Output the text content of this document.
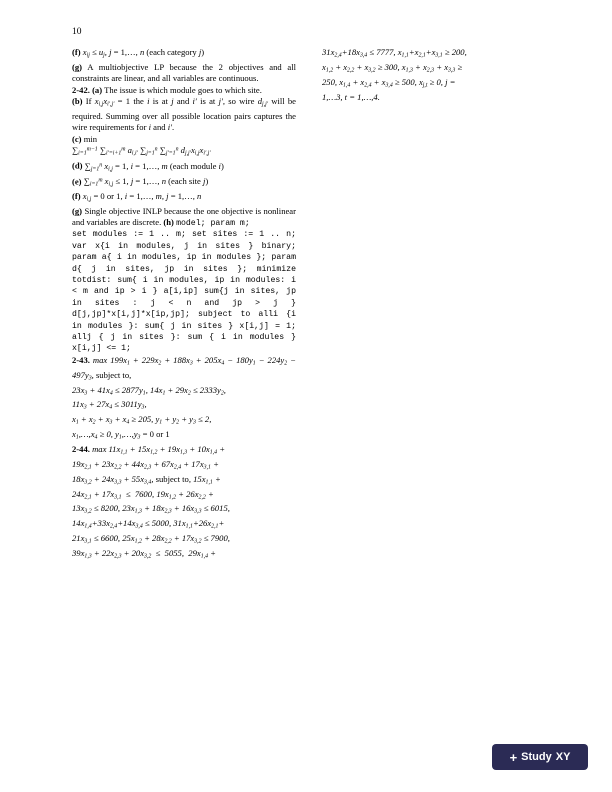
10

(f) $x_{ij} \le u_j$, j = 1,…, n (each category j)

(g) A multiobjective LP because the 2 objectives and all constraints are linear, and all variables are continuous.

2-42. (a) The issue is which module goes to which site.

(b) If $x_{i,j}x_{i',j'} = 1$ the i is at j and i′ is at j′, so wire $d_{j,j'}$ will be required. Summing over all possible location pairs captures the wire requirements for i and i′.

(c) min

$\sum_{i=1}^{m-1}$ $\sum_{i'=i+1}^m$ $a_{i,i'}$ $\sum_{j=1}^n$ $\sum_{j'=1}^n$ $d_{j,j'}x_{i,j}x_{i',j'}$

(d) $\sum_{j=1}^n$ $x_{i,j} = 1$, i = 1,…, m (each module i)

(e) $\sum_{i=1}^m$ $x_{i,j} \le 1$, j = 1,…, n (each site j)

(f) $x_{i,j} = 0$ or 1, i = 1,…, m, j = 1,…, n

(g) Single objective INLP because the one objective is nonlinear and variables are discrete. (h) model; param m;

set modules := 1 .. m; set sites := 1 .. n; var x{i in modules, j in sites } binary; param a{ i in modules, ip in modules }; param d{ j in sites, jp in sites }; minimize totdist: sum{ i in modules, ip in modules: i < m and ip > i } a[i,ip] sum{j in sites, jp in sites : j < n and jp > j } d[j,jp]*x[i,j]*x[ip,jp]; subject to alli {i in modules }: sum{ j in sites } x[i,j] = 1; allj { j in sites }: sum { i in modules } x[i,j] <= 1;

2-43. $\max 199x_1 + 229x_2 + 188x_3 + 205x_4 - 180y_1 - 224y_2 - 497y_3$, subject to,

$23x_3 + 41x_4 \le 2877y_1$, $14x_1 + 29x_2 \le 2333y_2$,

$11x_3 + 27x_4 \le 3011y_3$,

$x_1 + x_2 + x_3 + x_4 \ge 205$, $y_1 + y_2 + y_3 \le 2$,

$x_1,\dots,x_4 \ge 0$, $y_1,\dots,y_3 = 0$ or 1

2-44. $\max 11x_{1,1} + 15x_{1,2} + 19x_{1,3} + 10x_{1,4}$ +

$19x_{2,1} + 23x_{2,2} + 44x_{2,3} + 67x_{2,4} + 17x_{3,1}$ +

$18x_{3,2} + 24x_{3,3} + 55x_{3,4}$, subject to, $15x_{1,1}$ +

$24x_{2,1} + 17x_{3,1} \le 7600$, $19x_{1,2} + 26x_{2,2}$ +

$13x_{3,2} \le 8200$, $23x_{1,3} + 18x_{2,3} + 16x_{3,3} \le 6015$,

$14x_{1,4}+33x_{2,4}+14x_{3,4} \le 5000$, $31x_{1,1}+26x_{2,1}+$

$21x_{3,1} \le 6600$, $25x_{1,2} + 28x_{2,2} + 17x_{3,2} \le 7900$,

$39x_{1,3} + 22x_{2,3} + 20x_{3,2} \le 5055$,  $29x_{1,4}$ +

$31x_{2,4}+18x_{3,4} \le 7777$, $x_{1,1}+x_{2,1}+x_{3,1} \ge 200$,

$x_{1,2} + x_{2,2} + x_{3,2} \ge 300$, $x_{1,3} + x_{2,3} + x_{3,3}$ ≥

250, $x_{1,4} + x_{2,4} + x_{3,4} \ge 500$, $x_{j,t} \ge 0$, j =

1,…3, t = 1,…,4.

+ Study XY
